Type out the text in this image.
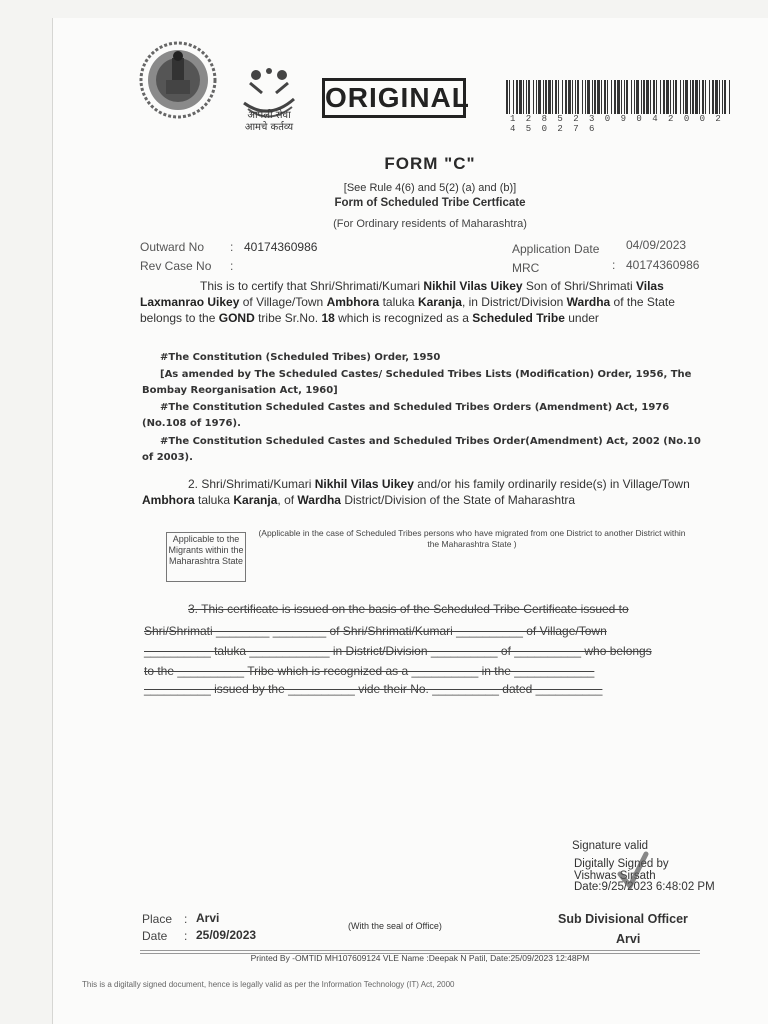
आपली सेवा
आमचे कर्तव्य
ORIGINAL
1 2 8 5 2 3 0 9 0 4 2 0 0 2 4 5 0 2 7 6
FORM "C"
[See Rule 4(6) and 5(2) (a) and (b)]
Form of Scheduled Tribe Certficate
(For Ordinary residents of Maharashtra)
Outward No : 40174360986
Rev Case No :
Application Date 04/09/2023
MRC	: 40174360986
This is to certify that Shri/Shrimati/Kumari Nikhil Vilas Uikey Son of Shri/Shrimati Vilas Laxmanrao Uikey of Village/Town Ambhora taluka Karanja, in District/Division Wardha of the State belongs to the GOND tribe Sr.No. 18 which is recognized as a Scheduled Tribe under
#The Constitution (Scheduled Tribes) Order, 1950
[As amended by The Scheduled Castes/ Scheduled Tribes Lists (Modification) Order, 1956, The Bombay Reorganisation Act, 1960]
#The Constitution Scheduled Castes and Scheduled Tribes Orders (Amendment) Act, 1976 (No.108 of 1976).
#The Constitution Scheduled Castes and Scheduled Tribes Order(Amendment) Act, 2002 (No.10 of 2003).
2. Shri/Shrimati/Kumari Nikhil Vilas Uikey and/or his family ordinarily reside(s) in Village/Town Ambhora taluka Karanja, of Wardha District/Division of the State of Maharashtra
Applicable to the Migrants within the Maharashtra State
(Applicable in the case of Scheduled Tribes persons who have migrated from one District to another District within the Maharashtra State )
3. This certificate is issued on the basis of the Scheduled Tribe Certificate issued to
Shri/Shrimati ________ ________ of Shri/Shrimati/Kumari __________ of Village/Town
__________ taluka ____________ in District/Division __________ of __________ who belongs
to the __________ Tribe which is recognized as a __________ in the ____________
__________ issued by the __________ vide their No. __________ dated __________
Signature valid
Digitally Signed by
Vishwas Sirsath
Date:9/25/2023 6:48:02 PM
Sub Divisional Officer
Arvi
(With the seal of Office)
Place : Arvi
Date : 25/09/2023
Printed By -OMTID MH107609124 VLE Name :Deepak N Patil, Date:25/09/2023 12:48PM
This is a digitally signed document, hence is legally valid as per the Information Technology (IT) Act, 2000
